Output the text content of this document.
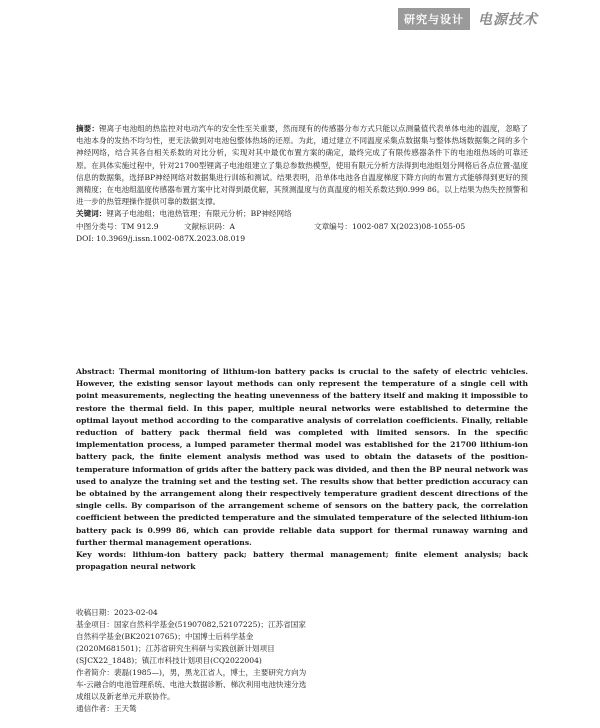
研究与设计	电源技术
摘要：锂离子电池组的热监控对电动汽车的安全性至关重要，然而现有的传感器分布方式只能以点测量值代表单体电池的温度，忽略了电池本身的发热不均匀性，更无法做到对电池包整体热场的还原。为此，通过建立不同温度采集点数据集与整体热场数据集之间的多个神经网络，结合其各自相关系数的对比分析，实现对其中最优布置方案的确定，最终完成了有限传感器条件下的电池组热场的可靠还原。在具体实施过程中，针对21700型锂离子电池组建立了集总参数热模型，使用有限元分析方法得到电池组划分网格后各点位置-温度信息的数据集，选择BP神经网络对数据集进行训练和测试。结果表明，沿单体电池各自温度梯度下降方向的布置方式能够得到更好的预测精度；在电池组温度传感器布置方案中比对得到最优解，其预测温度与仿真温度的相关系数达到0.999 86。以上结果为热失控预警和进一步的热管理操作提供可靠的数据支撑。
关键词：锂离子电池组；电池热管理；有限元分析；BP神经网络
中图分类号：TM 912.9	文献标识码：A	文章编号：1002-087 X(2023)08-1055-05
DOI: 10.3969/j.issn.1002-087X.2023.08.019
Abstract: Thermal monitoring of lithium-ion battery packs is crucial to the safety of electric vehicles. However, the existing sensor layout methods can only represent the temperature of a single cell with point measurements, neglecting the heating unevenness of the battery itself and making it impossible to restore the thermal field. In this paper, multiple neural networks were established to determine the optimal layout method according to the comparative analysis of correlation coefficients. Finally, reliable reduction of battery pack thermal field was completed with limited sensors. In the specific implementation process, a lumped parameter thermal model was established for the 21700 lithium-ion battery pack, the finite element analysis method was used to obtain the datasets of the position-temperature information of grids after the battery pack was divided, and then the BP neural network was used to analyze the training set and the testing set. The results show that better prediction accuracy can be obtained by the arrangement along their respectively temperature gradient descent directions of the single cells. By comparison of the arrangement scheme of sensors on the battery pack, the correlation coefficient between the predicted temperature and the simulated temperature of the selected lithium-ion battery pack is 0.999 86, which can provide reliable data support for thermal runaway warning and further thermal management operations.
Key words: lithium-ion battery pack; battery thermal management; finite element analysis; back propagation neural network

收稿日期：2023-02-04

基金项目：国家自然科学基金(51907082,52107225)；江苏省国家自然科学基金(BK20210765)；中国博士后科学基金(2020M681501)；江苏省研究生科研与实践创新计划项目(SJCX22_1848)；镇江市科技计划项目(CQ2022004)

作者简介：裴磊(1985—)，男，黑龙江省人，博士，主要研究方向为车-云融合的电池管理系统、电池大数据诊断、梯次利用电池快速分选成组以及新老单元并联协作。

通信作者：王天鸶
